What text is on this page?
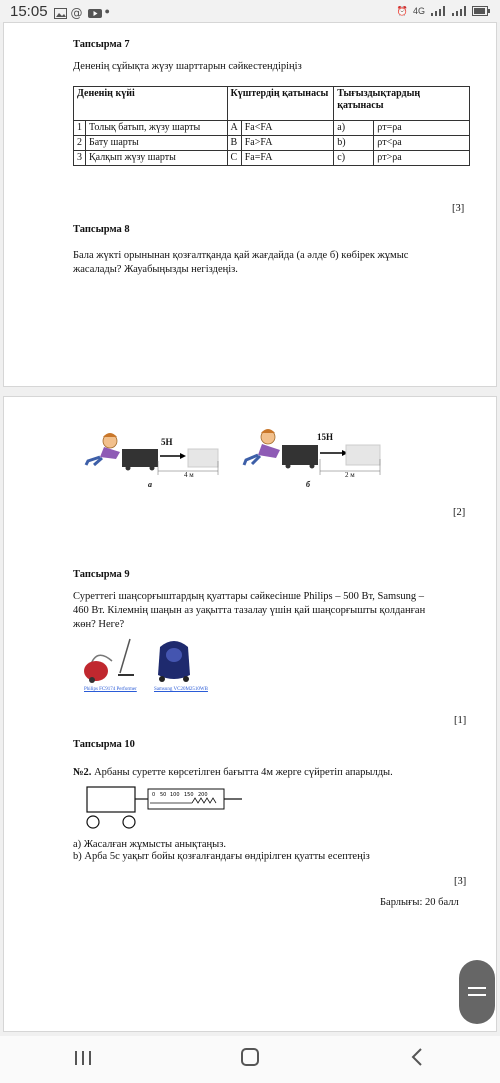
15:05 @ ●	⏰ 4G
Тапсырма 7
Дененің сұйықта жүзу шарттарын сәйкестендіріңіз
Дененің күйі		Күштердің қатынасы		Тығыздықтардың қатынасы	
1	Толық батып, жүзу шарты	A	Fa<FA	a)	ρт=ρа
2	Бату шарты	B	Fa>FA	b)	ρт<ρа
3	Қалқып жүзу шарты	C	Fa=FA	c)	ρт>ρа
[3]
Тапсырма 8
Бала жүкті орынынан қозғалтқанда қай жағдайда (а әлде б) көбірек жұмыс
жасалады? Жауабыңызды негіздеңіз.
5Н
4 м
а
15Н
2 м
б
[2]
Тапсырма 9
Суреттегі шаңсорғыштардың қуаттары сәйкесінше Philips – 500 Вт, Samsung –
460 Вт. Кілемнің шаңын аз уақытта тазалау үшін қай шаңсорғышты қолданған
жөн? Неге?
Philips FC9174 Performer	Samsung VC20M2510WB
[1]
Тапсырма 10
№2. Арбаны суретте көрсетілген бағытта 4м жерге сүйретіп апарылды.
0 50 100 150 200
а) Жасалған жұмысты анықтаңыз.
b) Арба 5с уақыт бойы қозғалғандағы өндірілген қуатты есептеңіз
[3]
Барлығы: 20 балл
